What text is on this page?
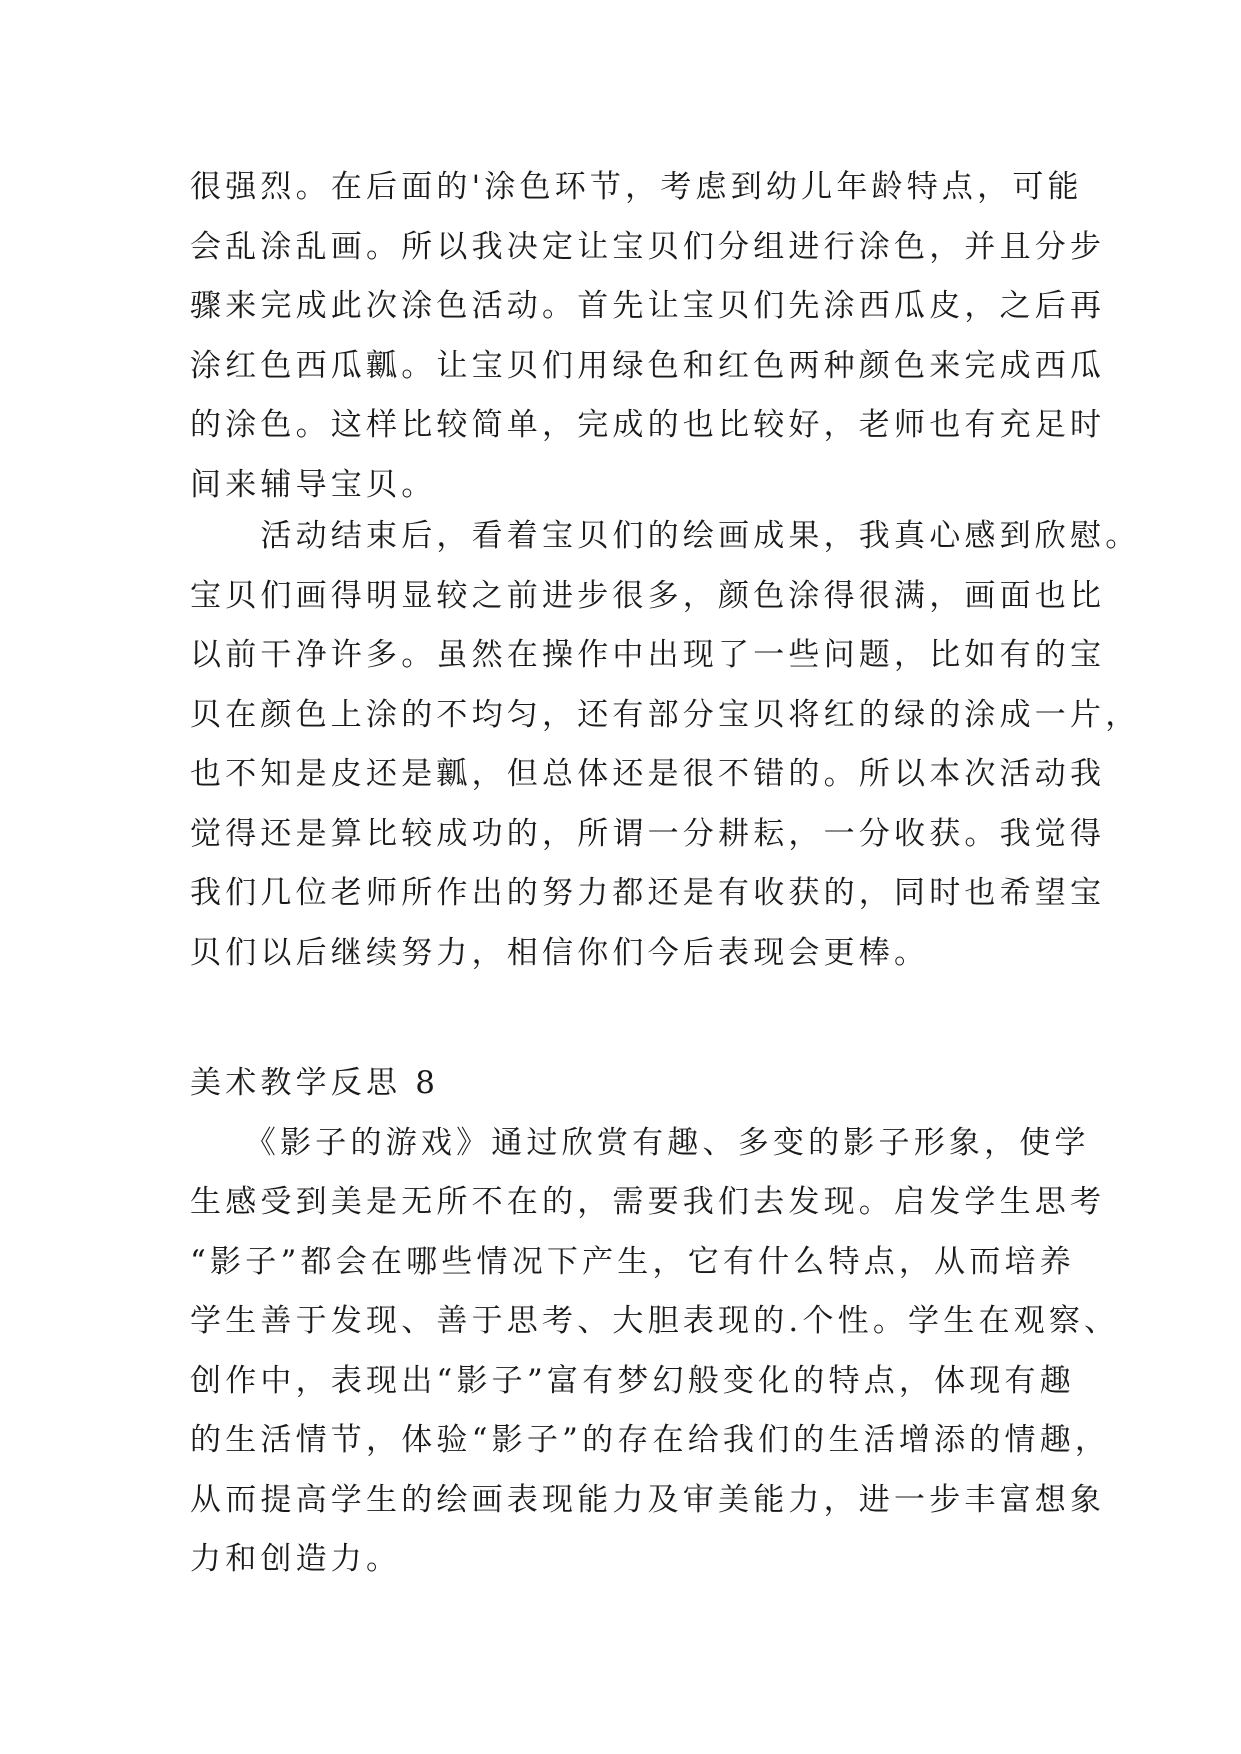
很强烈。在后面的'涂色环节，考虑到幼儿年龄特点，可能
会乱涂乱画。所以我决定让宝贝们分组进行涂色，并且分步
骤来完成此次涂色活动。首先让宝贝们先涂西瓜皮，之后再
涂红色西瓜瓤。让宝贝们用绿色和红色两种颜色来完成西瓜
的涂色。这样比较简单，完成的也比较好，老师也有充足时
间来辅导宝贝。
　　活动结束后，看着宝贝们的绘画成果，我真心感到欣慰。
宝贝们画得明显较之前进步很多，颜色涂得很满，画面也比
以前干净许多。虽然在操作中出现了一些问题，比如有的宝
贝在颜色上涂的不均匀，还有部分宝贝将红的绿的涂成一片，
也不知是皮还是瓤，但总体还是很不错的。所以本次活动我
觉得还是算比较成功的，所谓一分耕耘，一分收获。我觉得
我们几位老师所作出的努力都还是有收获的，同时也希望宝
贝们以后继续努力，相信你们今后表现会更棒。
美术教学反思 8
　　《影子的游戏》通过欣赏有趣、多变的影子形象，使学
生感受到美是无所不在的，需要我们去发现。启发学生思考
“影子”都会在哪些情况下产生，它有什么特点，从而培养
学生善于发现、善于思考、大胆表现的.个性。学生在观察、
创作中，表现出“影子”富有梦幻般变化的特点，体现有趣
的生活情节，体验“影子”的存在给我们的生活增添的情趣，
从而提高学生的绘画表现能力及审美能力，进一步丰富想象
力和创造力。
